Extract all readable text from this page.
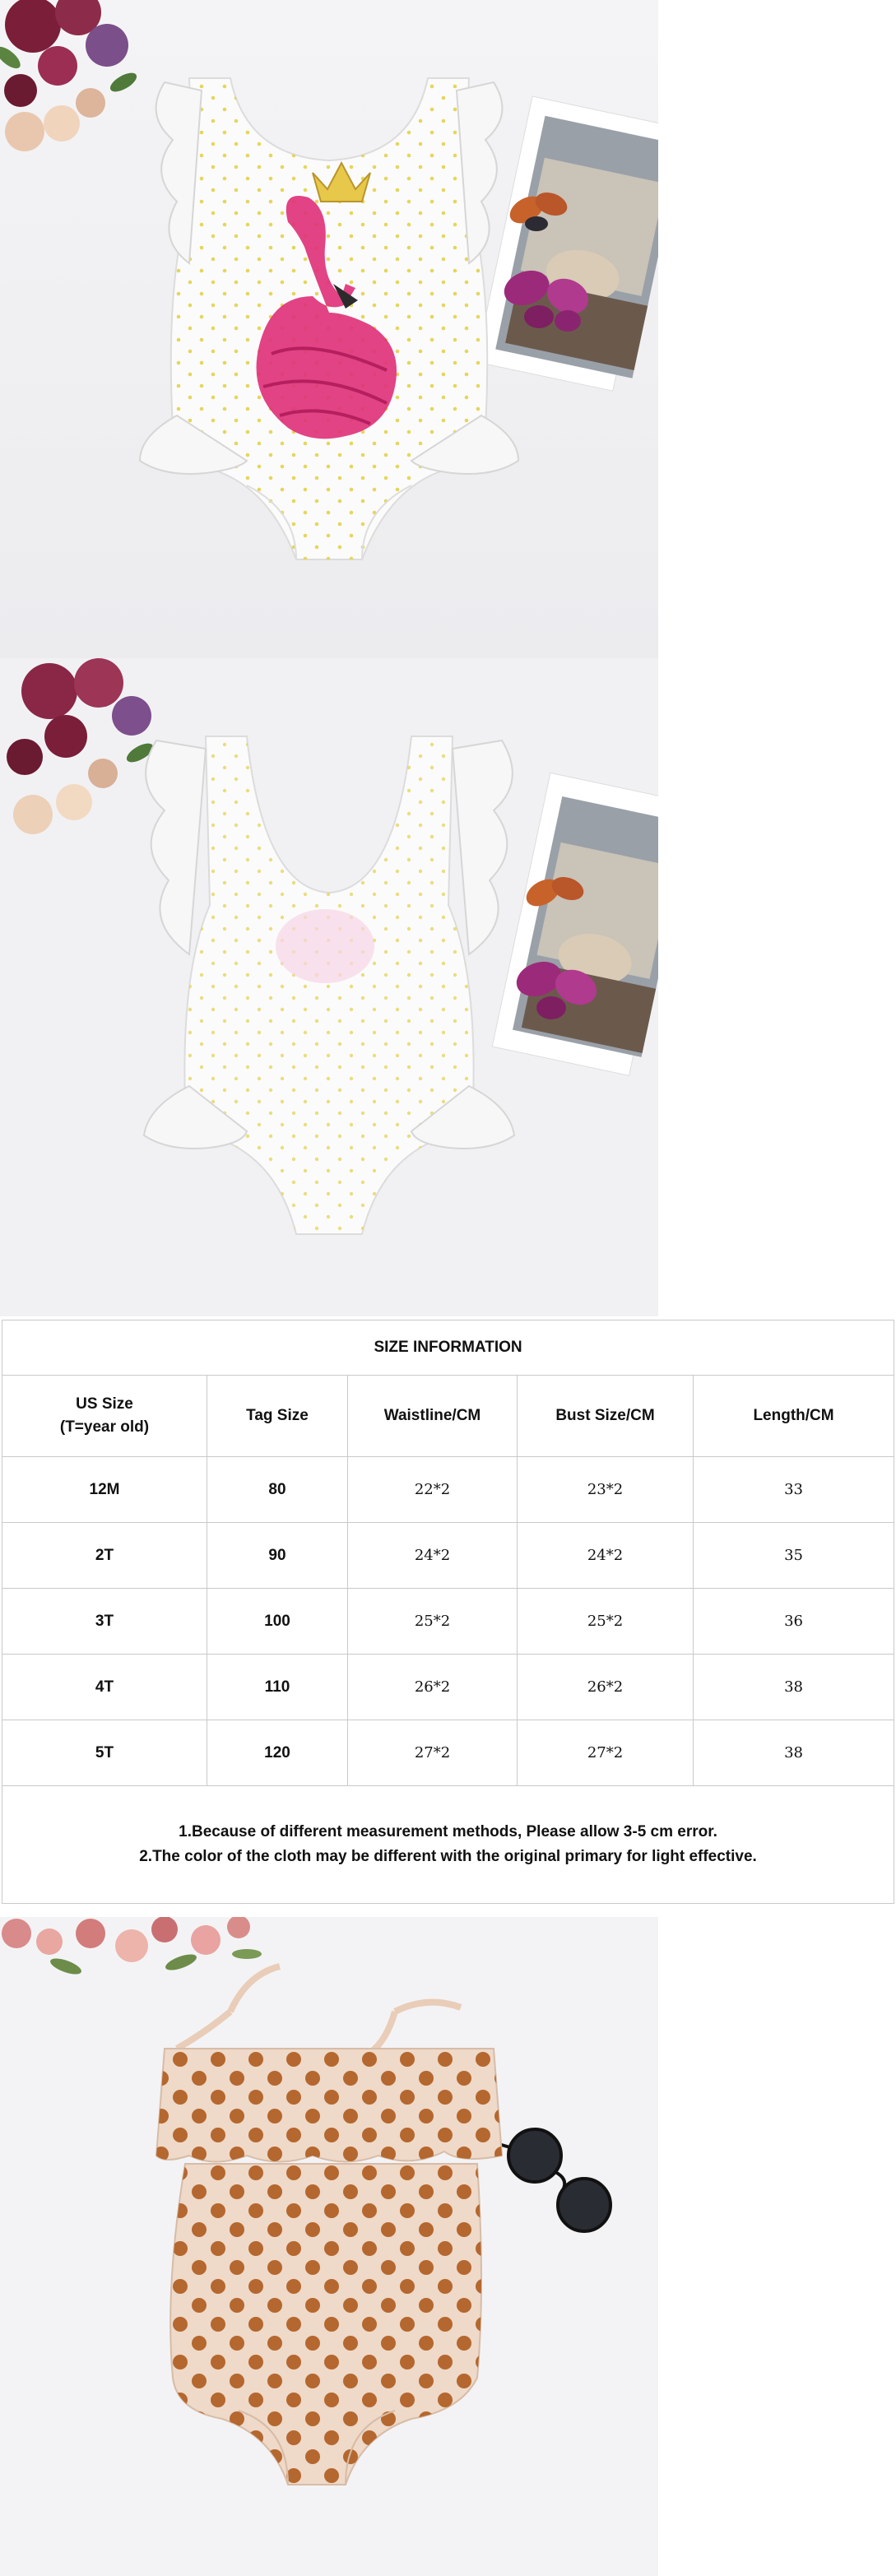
SIZE INFORMATION				

US Size
(T=year old)	Tag Size	Waistline/CM	Bust Size/CM	Length/CM
12M	80	22*2	23*2	33
2T	90	24*2	24*2	35
3T	100	25*2	25*2	36
4T	110	26*2	26*2	38
5T	120	27*2	27*2	38

1.Because of different measurement methods, Please allow 3-5 cm error.
2.The color of the cloth may be different with the original primary for light effective.				
